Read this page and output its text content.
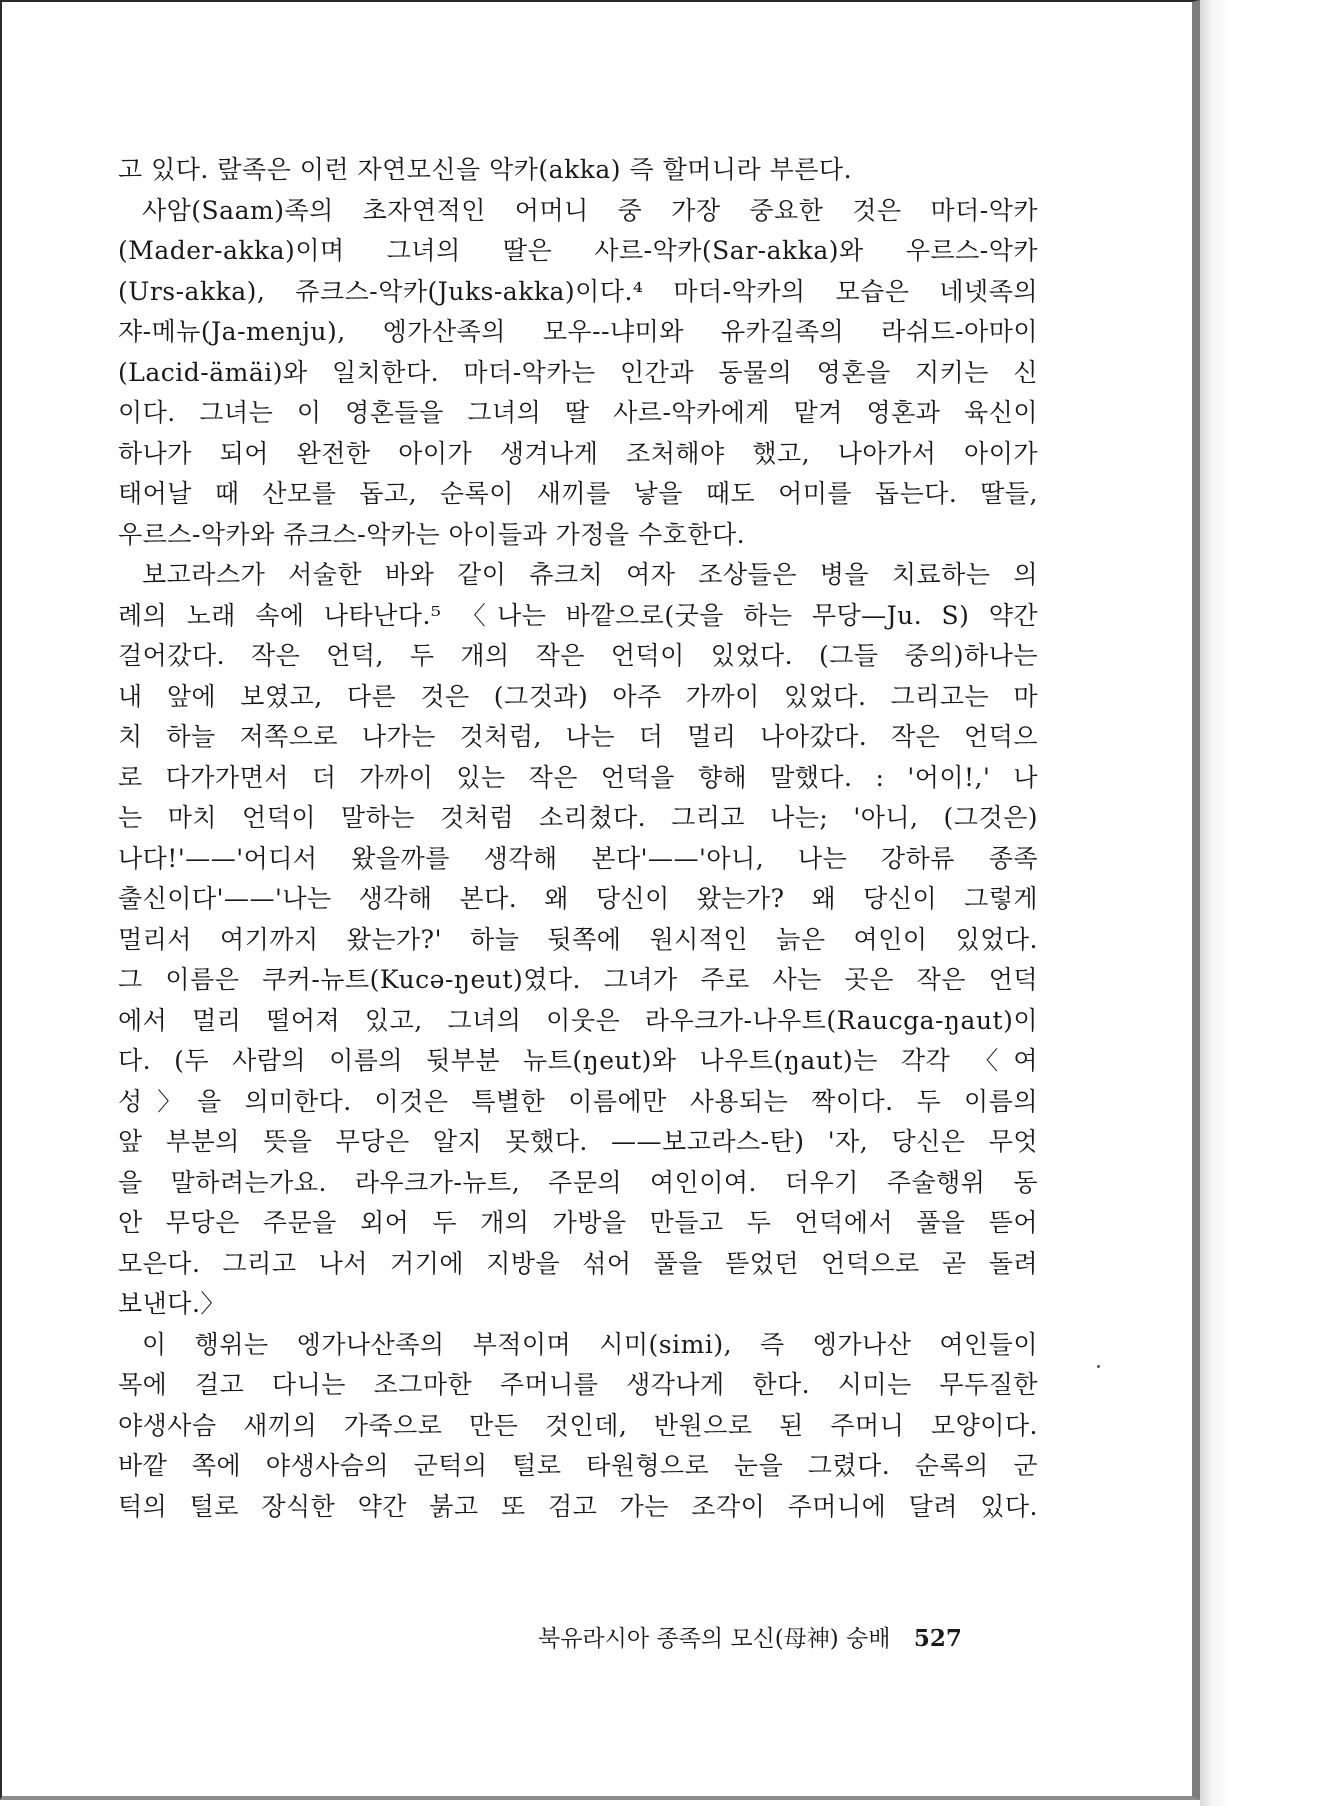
고 있다. 랖족은 이런 자연모신을 악카(akka) 즉 할머니라 부른다.
사암(Saam)족의 초자연적인 어머니 중 가장 중요한 것은 마더-악카
(Mader-akka)이며 그녀의 딸은 사르-악카(Sar-akka)와 우르스-악카
(Urs-akka), 쥬크스-악카(Juks-akka)이다.⁴ 마더-악카의 모습은 네넷족의
쟈-메뉴(Ja-menju), 엥가산족의 모우--냐미와 유카길족의 라쉬드-아마이
(Lacid-ämäi)와 일치한다. 마더-악카는 인간과 동물의 영혼을 지키는 신
이다. 그녀는 이 영혼들을 그녀의 딸 사르-악카에게 맡겨 영혼과 육신이
하나가 되어 완전한 아이가 생겨나게 조처해야 했고, 나아가서 아이가
태어날 때 산모를 돕고, 순록이 새끼를 낳을 때도 어미를 돕는다. 딸들,
우르스-악카와 쥬크스-악카는 아이들과 가정을 수호한다.
보고라스가 서술한 바와 같이 츄크치 여자 조상들은 병을 치료하는 의
례의 노래 속에 나타난다.⁵ 〈나는 바깥으로(굿을 하는 무당—Ju. S) 약간
걸어갔다. 작은 언덕, 두 개의 작은 언덕이 있었다. (그들 중의)하나는
내 앞에 보였고, 다른 것은 (그것과) 아주 가까이 있었다. 그리고는 마
치 하늘 저쪽으로 나가는 것처럼, 나는 더 멀리 나아갔다. 작은 언덕으
로 다가가면서 더 가까이 있는 작은 언덕을 향해 말했다. : '어이!,' 나
는 마치 언덕이 말하는 것처럼 소리쳤다. 그리고 나는; '아니, (그것은)
나다!'——'어디서 왔을까를 생각해 본다'——'아니, 나는 강하류 종족
출신이다'——'나는 생각해 본다. 왜 당신이 왔는가? 왜 당신이 그렇게
멀리서 여기까지 왔는가?' 하늘 뒷쪽에 원시적인 늙은 여인이 있었다.
그 이름은 쿠커-뉴트(Kucə-ŋeut)였다. 그녀가 주로 사는 곳은 작은 언덕
에서 멀리 떨어져 있고, 그녀의 이웃은 라우크가-나우트(Raucga-ŋaut)이
다. (두 사람의 이름의 뒷부분 뉴트(ŋeut)와 나우트(ŋaut)는 각각 〈여
성〉을 의미한다. 이것은 특별한 이름에만 사용되는 짝이다. 두 이름의
앞 부분의 뜻을 무당은 알지 못했다. ——보고라스-탄) '자, 당신은 무엇
을 말하려는가요. 라우크가-뉴트, 주문의 여인이여. 더우기 주술행위 동
안 무당은 주문을 외어 두 개의 가방을 만들고 두 언덕에서 풀을 뜯어
모은다. 그리고 나서 거기에 지방을 섞어 풀을 뜯었던 언덕으로 곧 돌려
보낸다.〉
이 행위는 엥가나산족의 부적이며 시미(simi), 즉 엥가나산 여인들이
목에 걸고 다니는 조그마한 주머니를 생각나게 한다. 시미는 무두질한
야생사슴 새끼의 가죽으로 만든 것인데, 반원으로 된 주머니 모양이다.
바깥 쪽에 야생사슴의 군턱의 털로 타원형으로 눈을 그렸다. 순록의 군
턱의 털로 장식한 약간 붉고 또 검고 가는 조각이 주머니에 달려 있다.
북유라시아 종족의 모신(母神) 숭배 527
